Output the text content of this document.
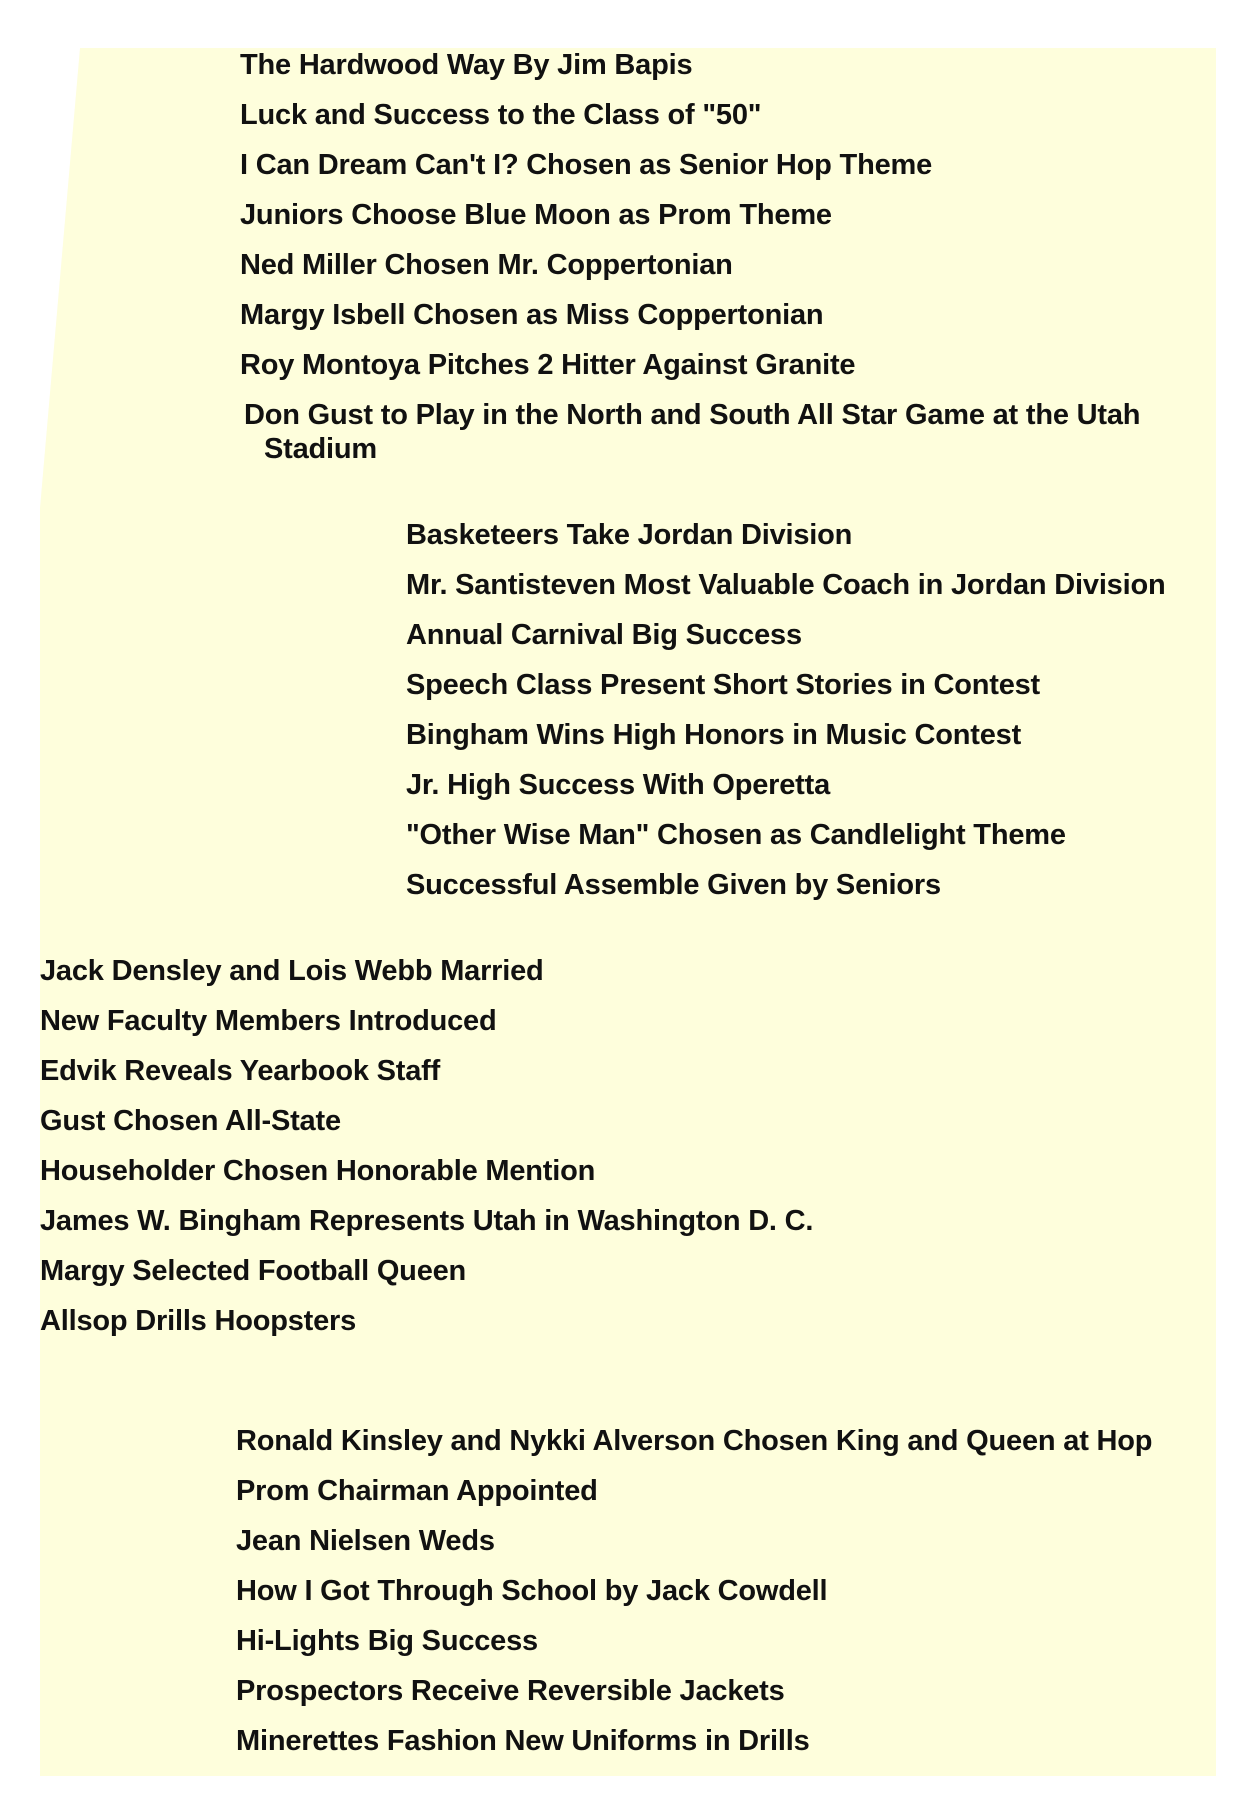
The Hardwood Way By Jim Bapis

Luck and Success to the Class of "50"

I Can Dream Can't I? Chosen as Senior Hop Theme

Juniors Choose Blue Moon as Prom Theme

Ned Miller Chosen Mr. Coppertonian

Margy Isbell Chosen as Miss Coppertonian

Roy Montoya Pitches 2 Hitter Against Granite

Don Gust to Play in the North and South All Star Game at the Utah
Stadium

Basketeers Take Jordan Division

Mr. Santisteven Most Valuable Coach in Jordan Division

Annual Carnival Big Success

Speech Class Present Short Stories in Contest

Bingham Wins High Honors in Music Contest

Jr. High Success With Operetta

"Other Wise Man" Chosen as Candlelight Theme

Successful Assemble Given by Seniors

Jack Densley and Lois Webb Married

New Faculty Members Introduced

Edvik Reveals Yearbook Staff

Gust Chosen All-State

Householder Chosen Honorable Mention

James W. Bingham Represents Utah in Washington D. C.

Margy Selected Football Queen

Allsop Drills Hoopsters

Ronald Kinsley and Nykki Alverson Chosen King and Queen at Hop

Prom Chairman Appointed

Jean Nielsen Weds

How I Got Through School by Jack Cowdell

Hi-Lights Big Success

Prospectors Receive Reversible Jackets

Minerettes Fashion New Uniforms in Drills
